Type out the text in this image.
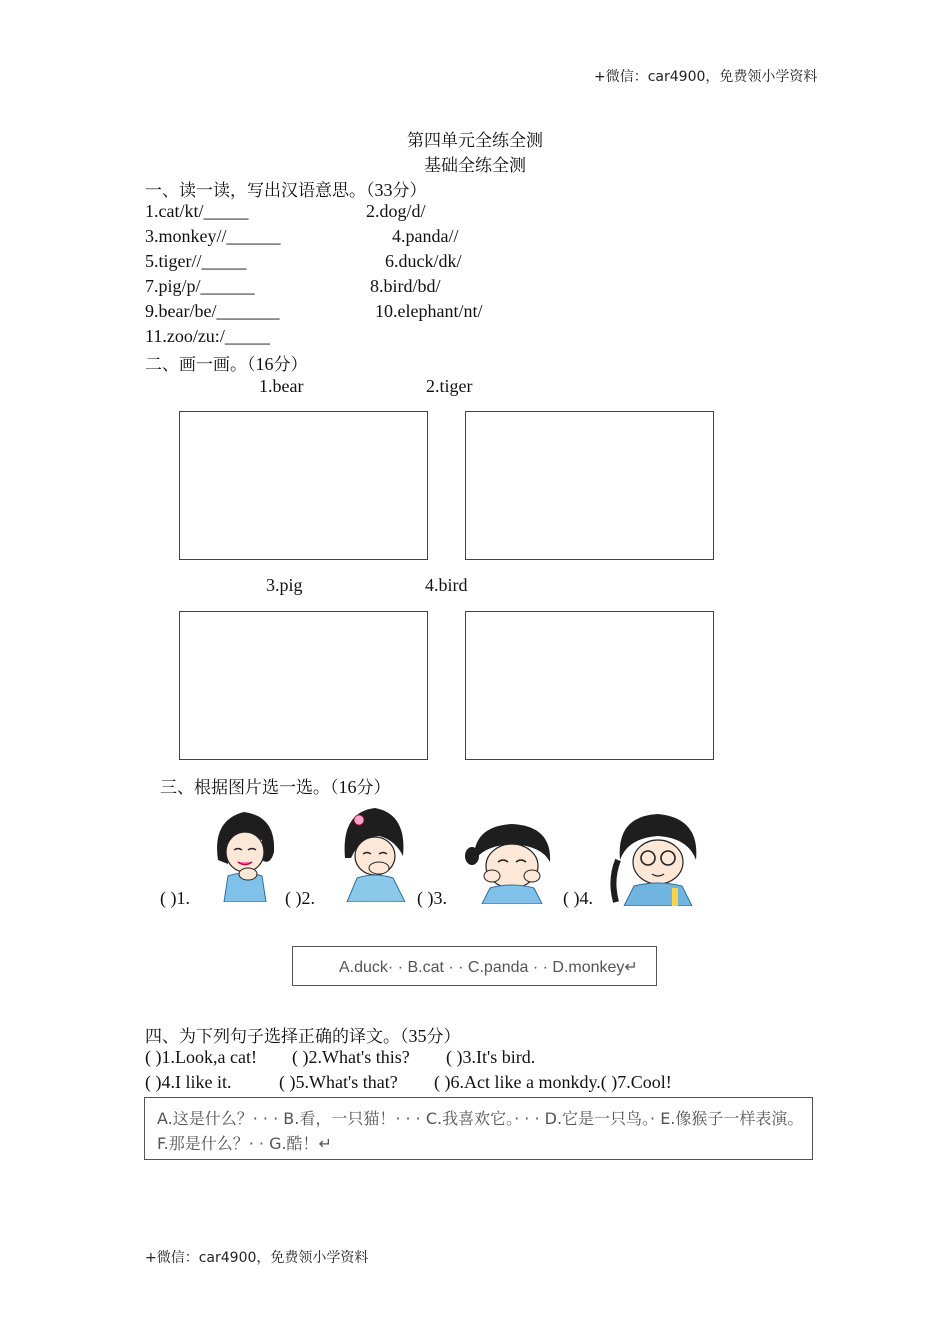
+微信：car4900，免费领小学资料
第四单元全练全测
基础全练全测
一、读一读，写出汉语意思。（33分）
1.cat/kt/_____	2.dog/d/
3.monkey//______	4.panda//
5.tiger//_____	6.duck/dk/
7.pig/p/______	8.bird/bd/
9.bear/be/_______	10.elephant/nt/
11.zoo/zu:/_____
二、画一画。（16分）
1.bear	2.tiger
3.pig	4.bird
三、根据图片选一选。（16分）
( )1.	( )2.	( )3.	( )4.
A.duck· · B.cat · · C.panda · · D.monkey↵
四、为下列句子选择正确的译文。（35分）
( )1.Look,a cat! ( )2.What's this? ( )3.It's bird.
( )4.I like it.	( )5.What's that? ( )6.Act like a monkdy.( )7.Cool!
A.这是什么？· · · B.看，一只猫！· · · C.我喜欢它。· · · D.它是一只鸟。· E.像猴子一样表演。
F.那是什么？· · G.酷！↵
+微信：car4900，免费领小学资料
